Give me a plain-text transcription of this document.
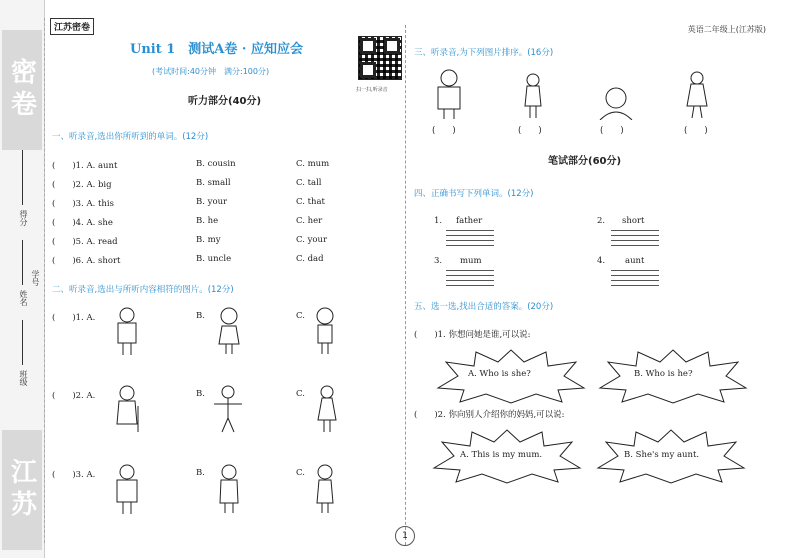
密卷
得分
姓名
学号
班级
江苏
江苏密卷	英语二年级上(江苏版)
Unit 1　测试A卷 · 应知应会
(考试时间:40分钟　满分:100分)
扫一扫,听录音
听力部分(40分)
一、听录音,选出你所听到的单词。(12分)
(　　)1. A. aunt	B. cousin	C. mum
(　　)2. A. big	B. small	C. tall
(　　)3. A. this	B. your	C. that
(　　)4. A. she	B. he	C. her
(　　)5. A. read	B. my	C. your
(　　)6. A. short	B. uncle	C. dad
二、听录音,选出与所听内容相符的图片。(12分)
(　　)1. A.	B.	C.
(　　)2. A.	B.	C.
(　　)3. A.	B.	C.
三、听录音,为下列图片排序。(16分)
(　　)	(　　)	(　　)	(　　)
笔试部分(60分)
四、正确书写下列单词。(12分)
1. father	2. short
3. mum	4. aunt
五、选一选,找出合适的答案。(20分)
(　　)1. 你想问她是谁,可以说:
A. Who is she?	B. Who is he?
(　　)2. 你向别人介绍你的妈妈,可以说:
A. This is my mum.	B. She's my aunt.
1
